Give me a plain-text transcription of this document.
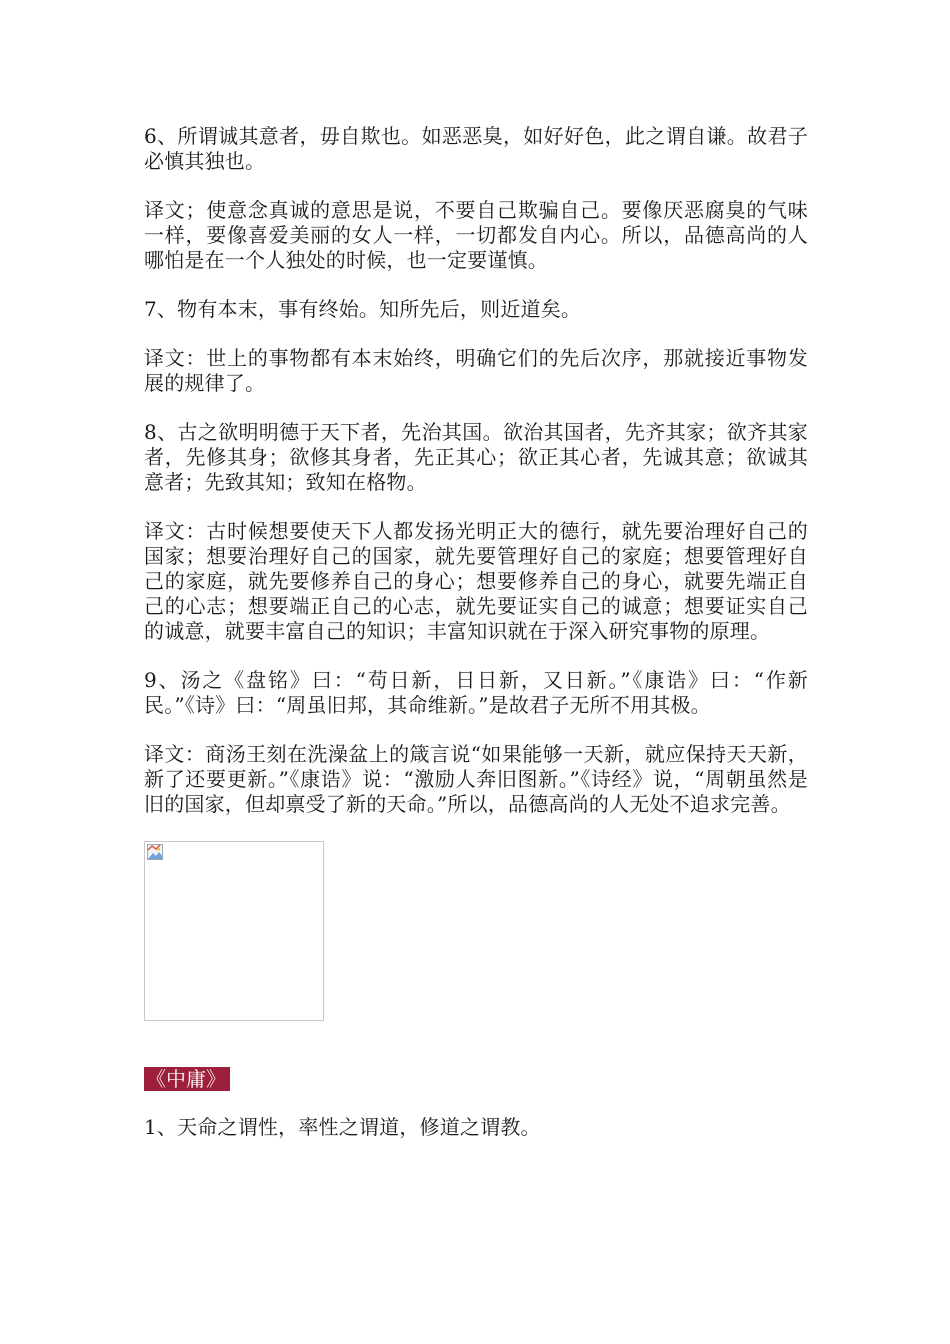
6、所谓诚其意者，毋自欺也。如恶恶臭，如好好色，此之谓自谦。故君子必慎其独也。

译文；使意念真诚的意思是说，不要自己欺骗自己。要像厌恶腐臭的气味一样，要像喜爱美丽的女人一样，一切都发自内心。所以，品德高尚的人哪怕是在一个人独处的时候，也一定要谨慎。

7、物有本末，事有终始。知所先后，则近道矣。

译文：世上的事物都有本末始终，明确它们的先后次序，那就接近事物发展的规律了。

8、古之欲明明德于天下者，先治其国。欲治其国者，先齐其家；欲齐其家者，先修其身；欲修其身者，先正其心；欲正其心者，先诚其意；欲诚其意者；先致其知；致知在格物。

译文：古时候想要使天下人都发扬光明正大的德行，就先要治理好自己的国家；想要治理好自己的国家，就先要管理好自己的家庭；想要管理好自己的家庭，就先要修养自己的身心；想要修养自己的身心，就要先端正自己的心志；想要端正自己的心志，就先要证实自己的诚意；想要证实自己的诚意，就要丰富自己的知识；丰富知识就在于深入研究事物的原理。

9、汤之《盘铭》曰：“苟日新，日日新，又日新。”《康诰》曰：“作新民。”《诗》曰：“周虽旧邦，其命维新。”是故君子无所不用其极。

译文：商汤王刻在洗澡盆上的箴言说“如果能够一天新，就应保持天天新，新了还要更新。”《康诰》说：“激励人奔旧图新。”《诗经》说，“周朝虽然是旧的国家，但却禀受了新的天命。”所以，品德高尚的人无处不追求完善。

《中庸》

1、天命之谓性，率性之谓道，修道之谓教。
